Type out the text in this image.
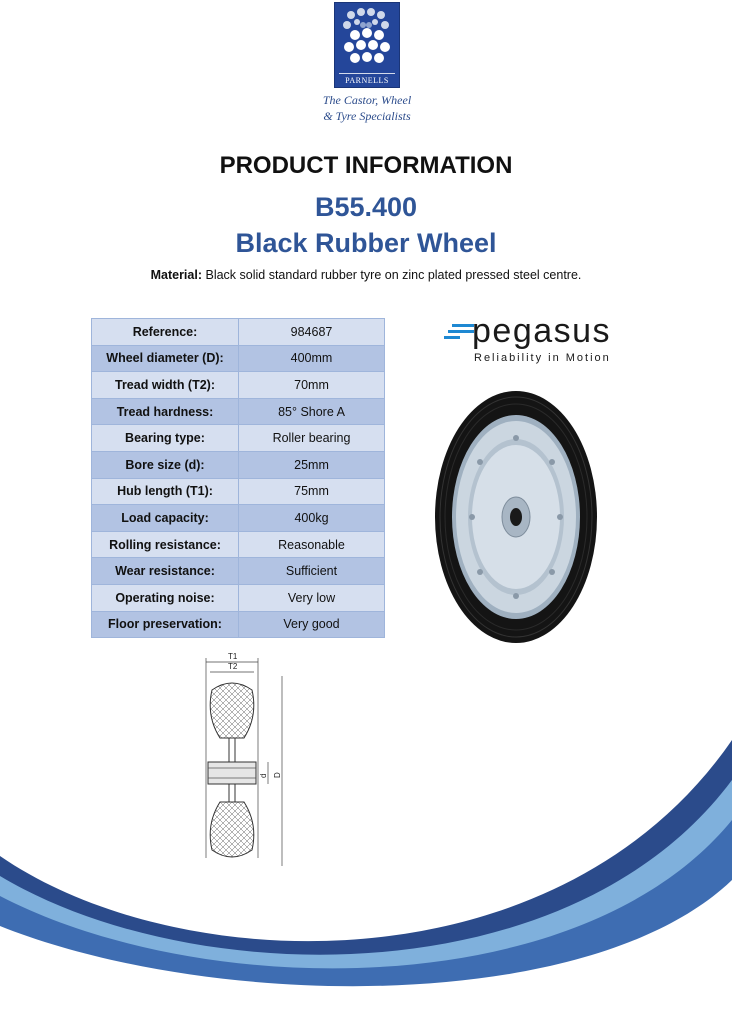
PARNELLS
The Castor, Wheel
& Tyre Specialists
PRODUCT INFORMATION
B55.400
Black Rubber Wheel
Material: Black solid standard rubber tyre on zinc plated pressed steel centre.
Reference:	984687
Wheel diameter (D):	400mm
Tread width (T2):	70mm
Tread hardness:	85° Shore A
Bearing type:	Roller bearing
Bore size (d):	25mm
Hub length (T1):	75mm
Load capacity:	400kg
Rolling resistance:	Reasonable
Wear resistance:	Sufficient
Operating noise:	Very low
Floor preservation:	Very good
pegasus
Reliability in Motion
T1
T2
d D
